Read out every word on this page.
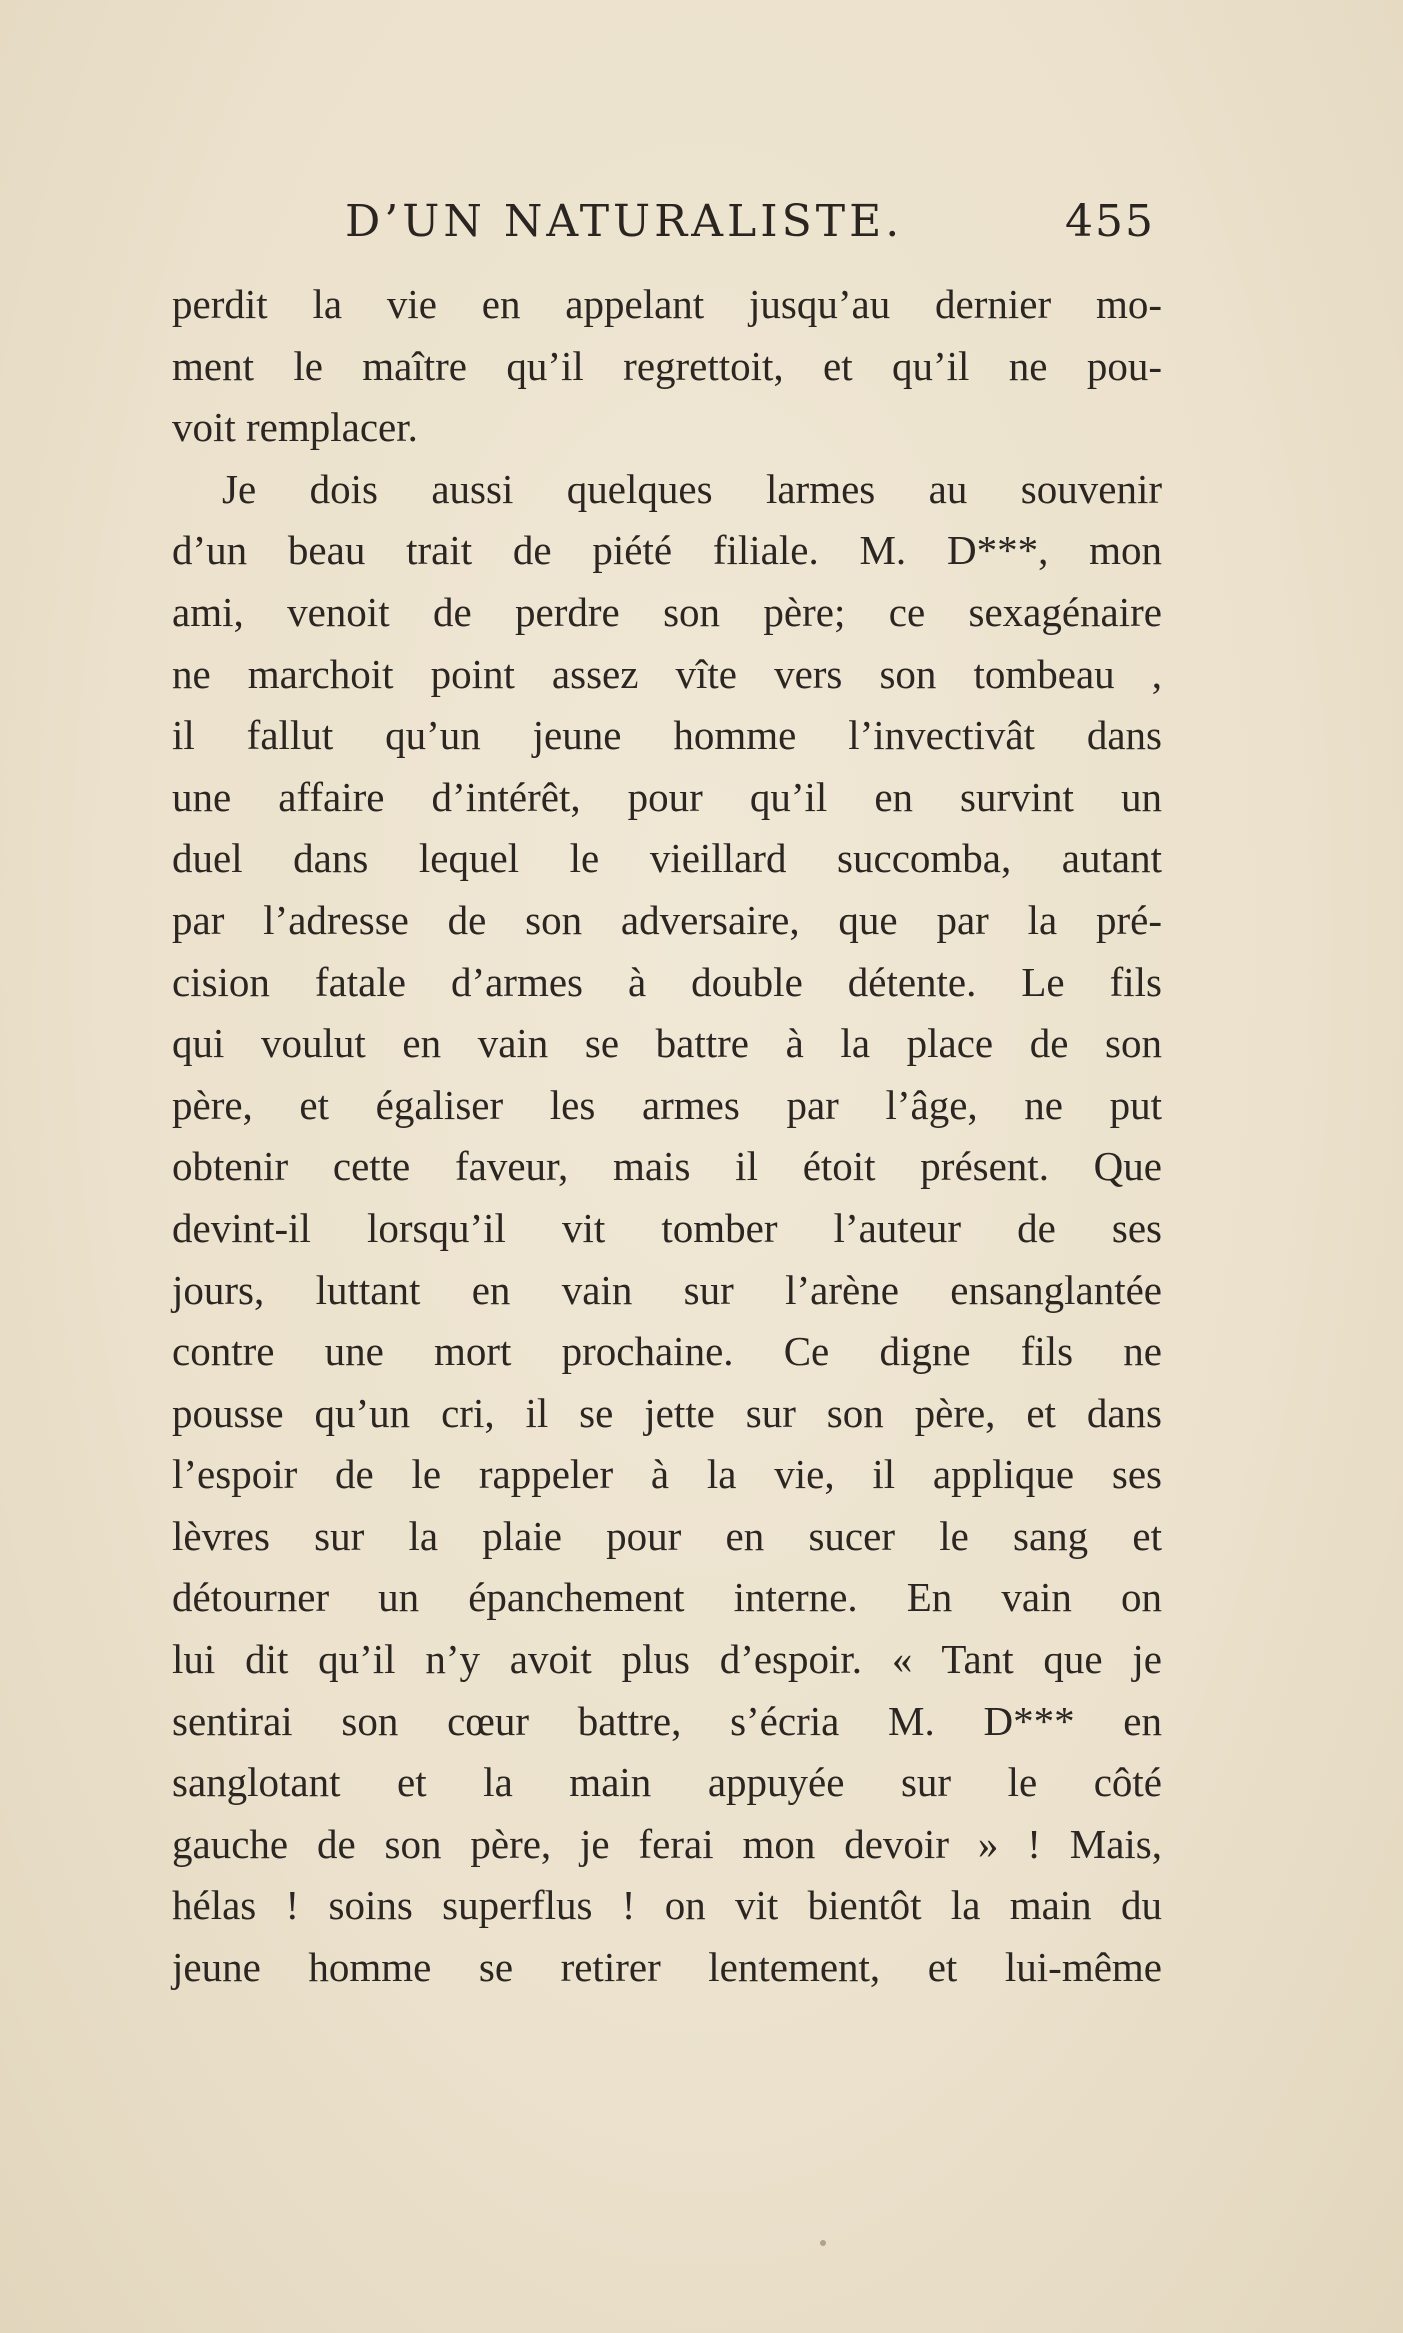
D’UN NATURALISTE.	455
perdit la vie en appelant jusqu’au dernier mo-
ment le maître qu’il regrettoit, et qu’il ne pou-
voit remplacer.
Je dois aussi quelques larmes au souvenir
d’un beau trait de piété filiale. M. D***, mon
ami, venoit de perdre son père; ce sexagénaire
ne marchoit point assez vîte vers son tombeau ,
il fallut qu’un jeune homme l’invectivât dans
une affaire d’intérêt, pour qu’il en survint un
duel dans lequel le vieillard succomba, autant
par l’adresse de son adversaire, que par la pré-
cision fatale d’armes à double détente. Le fils
qui voulut en vain se battre à la place de son
père, et égaliser les armes par l’âge, ne put
obtenir cette faveur, mais il étoit présent. Que
devint-il lorsqu’il vit tomber l’auteur de ses
jours, luttant en vain sur l’arène ensanglantée
contre une mort prochaine. Ce digne fils ne
pousse qu’un cri, il se jette sur son père, et dans
l’espoir de le rappeler à la vie, il applique ses
lèvres sur la plaie pour en sucer le sang et
détourner un épanchement interne. En vain on
lui dit qu’il n’y avoit plus d’espoir. « Tant que je
sentirai son cœur battre, s’écria M. D*** en
sanglotant et la main appuyée sur le côté
gauche de son père, je ferai mon devoir » ! Mais,
hélas ! soins superflus ! on vit bientôt la main du
jeune homme se retirer lentement, et lui-même
